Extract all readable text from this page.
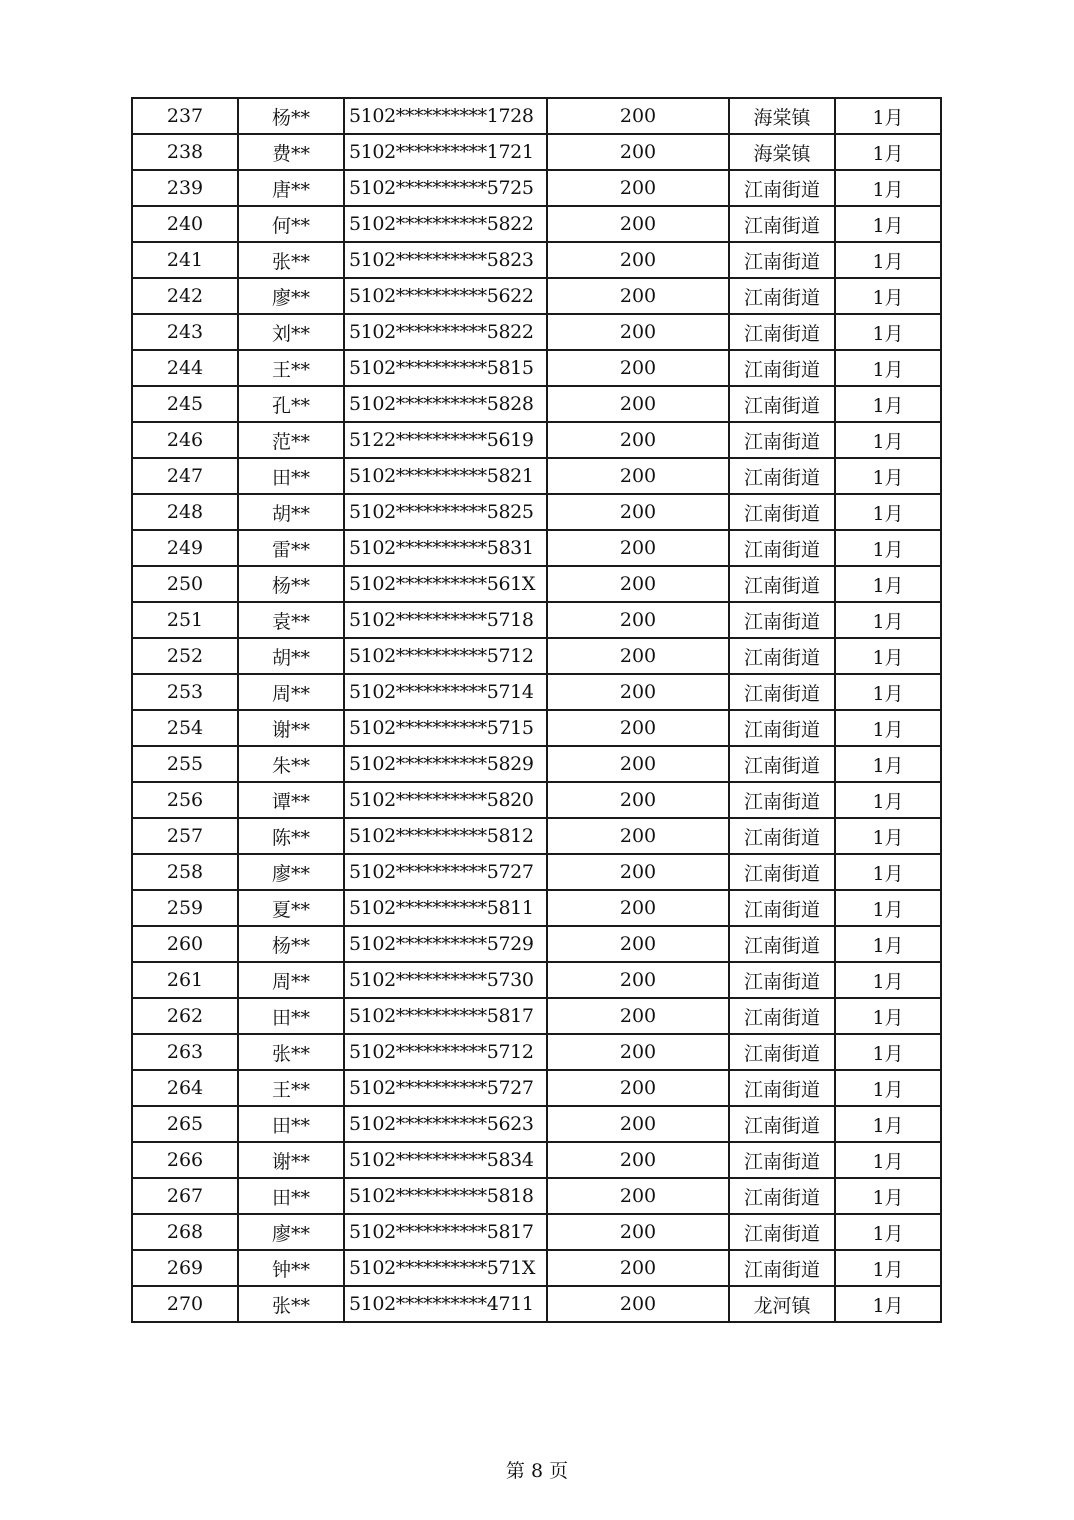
237	杨**	5102**********1728	200	海棠镇	1月
238	费**	5102**********1721	200	海棠镇	1月
239	唐**	5102**********5725	200	江南街道	1月
240	何**	5102**********5822	200	江南街道	1月
241	张**	5102**********5823	200	江南街道	1月
242	廖**	5102**********5622	200	江南街道	1月
243	刘**	5102**********5822	200	江南街道	1月
244	王**	5102**********5815	200	江南街道	1月
245	孔**	5102**********5828	200	江南街道	1月
246	范**	5122**********5619	200	江南街道	1月
247	田**	5102**********5821	200	江南街道	1月
248	胡**	5102**********5825	200	江南街道	1月
249	雷**	5102**********5831	200	江南街道	1月
250	杨**	5102**********561X	200	江南街道	1月
251	袁**	5102**********5718	200	江南街道	1月
252	胡**	5102**********5712	200	江南街道	1月
253	周**	5102**********5714	200	江南街道	1月
254	谢**	5102**********5715	200	江南街道	1月
255	朱**	5102**********5829	200	江南街道	1月
256	谭**	5102**********5820	200	江南街道	1月
257	陈**	5102**********5812	200	江南街道	1月
258	廖**	5102**********5727	200	江南街道	1月
259	夏**	5102**********5811	200	江南街道	1月
260	杨**	5102**********5729	200	江南街道	1月
261	周**	5102**********5730	200	江南街道	1月
262	田**	5102**********5817	200	江南街道	1月
263	张**	5102**********5712	200	江南街道	1月
264	王**	5102**********5727	200	江南街道	1月
265	田**	5102**********5623	200	江南街道	1月
266	谢**	5102**********5834	200	江南街道	1月
267	田**	5102**********5818	200	江南街道	1月
268	廖**	5102**********5817	200	江南街道	1月
269	钟**	5102**********571X	200	江南街道	1月
270	张**	5102**********4711	200	龙河镇	1月
第 8 页
